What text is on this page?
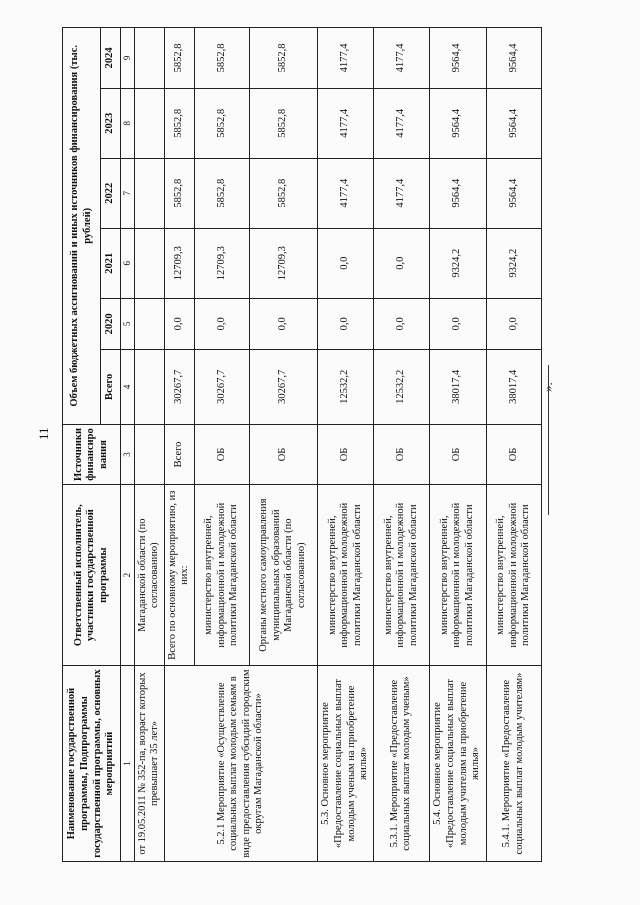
11
Наименование государственной программы, Подпрограммы государственной программы, основных мероприятий	Ответственный исполнитель, участники государственной программы	Источники финансиро вания	Объем бюджетных ассигнований и иных источников финансирования (тыс. рублей)					
			Всего	2020	2021	2022	2023	2024
1	2	3	4	5	6	7	8	9
от 19.05.2011 № 352-па, возраст которых превышает 35 лет»	Магаданской области (по согласованию)							
5.2.1 Мероприятие «Осуществление социальных выплат молодым семьям в виде предоставления субсидий городским округам Магаданской области»	Всего по основному мероприятию, из них:	Всего	30267,7	0,0	12709,3	5852,8	5852,8	5852,8
	министерство внутренней, информационной и молодежной политики Магаданской области	ОБ	30267,7	0,0	12709,3	5852,8	5852,8	5852,8
	Органы местного самоуправления муниципальных образований Магаданской области (по согласованию)	ОБ	30267,7	0,0	12709,3	5852,8	5852,8	5852,8
5.3. Основное мероприятие «Предоставление социальных выплат молодым ученым на приобретение жилья»	министерство внутренней, информационной и молодежной политики Магаданской области	ОБ	12532,2	0,0	0,0	4177,4	4177,4	4177,4
5.3.1. Мероприятие «Предоставление социальных выплат молодым ученым»	министерство внутренней, информационной и молодежной политики Магаданской области	ОБ	12532,2	0,0	0,0	4177,4	4177,4	4177,4
5.4. Основное мероприятие «Предоставление социальных выплат молодым учителям на приобретение жилья»	министерство внутренней, информационной и молодежной политики Магаданской области	ОБ	38017,4	0,0	9324,2	9564,4	9564,4	9564,4
5.4.1. Мероприятие «Предоставление социальных выплат молодым учителям»	министерство внутренней, информационной и молодежной политики Магаданской области	ОБ	38017,4	0,0	9324,2	9564,4	9564,4	9564,4
».
